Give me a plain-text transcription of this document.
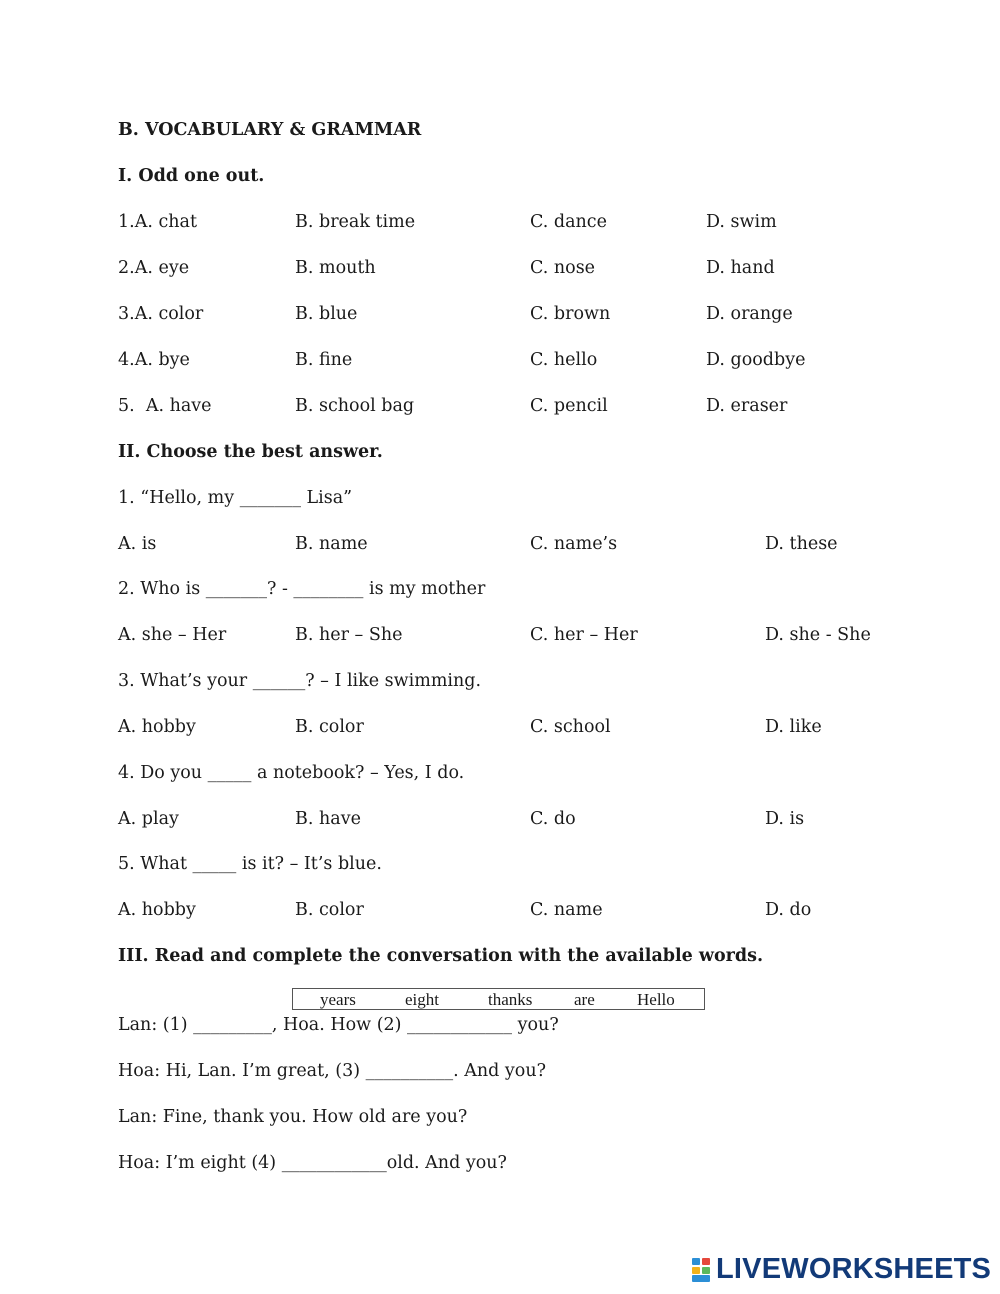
B. VOCABULARY & GRAMMAR
I. Odd one out.
1.A. chat	B. break time	C. dance	D. swim
2.A. eye	B. mouth	C. nose	D. hand
3.A. color	B. blue	C. brown	D. orange
4.A. bye	B. fine	C. hello	D. goodbye
5.  A. have	B. school bag	C. pencil	D. eraser
II. Choose the best answer.
1. “Hello, my _______ Lisa”
A. is	B. name	C. name’s	D. these
2. Who is _______? - ________ is my mother
A. she – Her	B. her – She	C. her – Her	D. she - She
3. What’s your ______? – I like swimming.
A. hobby	B. color	C. school	D. like
4. Do you _____ a notebook? – Yes, I do.
A. play	B. have	C. do	D. is
5. What _____ is it? – It’s blue.
A. hobby	B. color	C. name	D. do
III. Read and complete the conversation with the available words.
years	eight	thanks are Hello
Lan: (1) _________, Hoa. How (2) ____________ you?
Hoa: Hi, Lan. I’m great, (3) __________. And you?
Lan: Fine, thank you. How old are you?
Hoa: I’m eight (4) ____________old. And you?
LIVEWORKSHEETS
